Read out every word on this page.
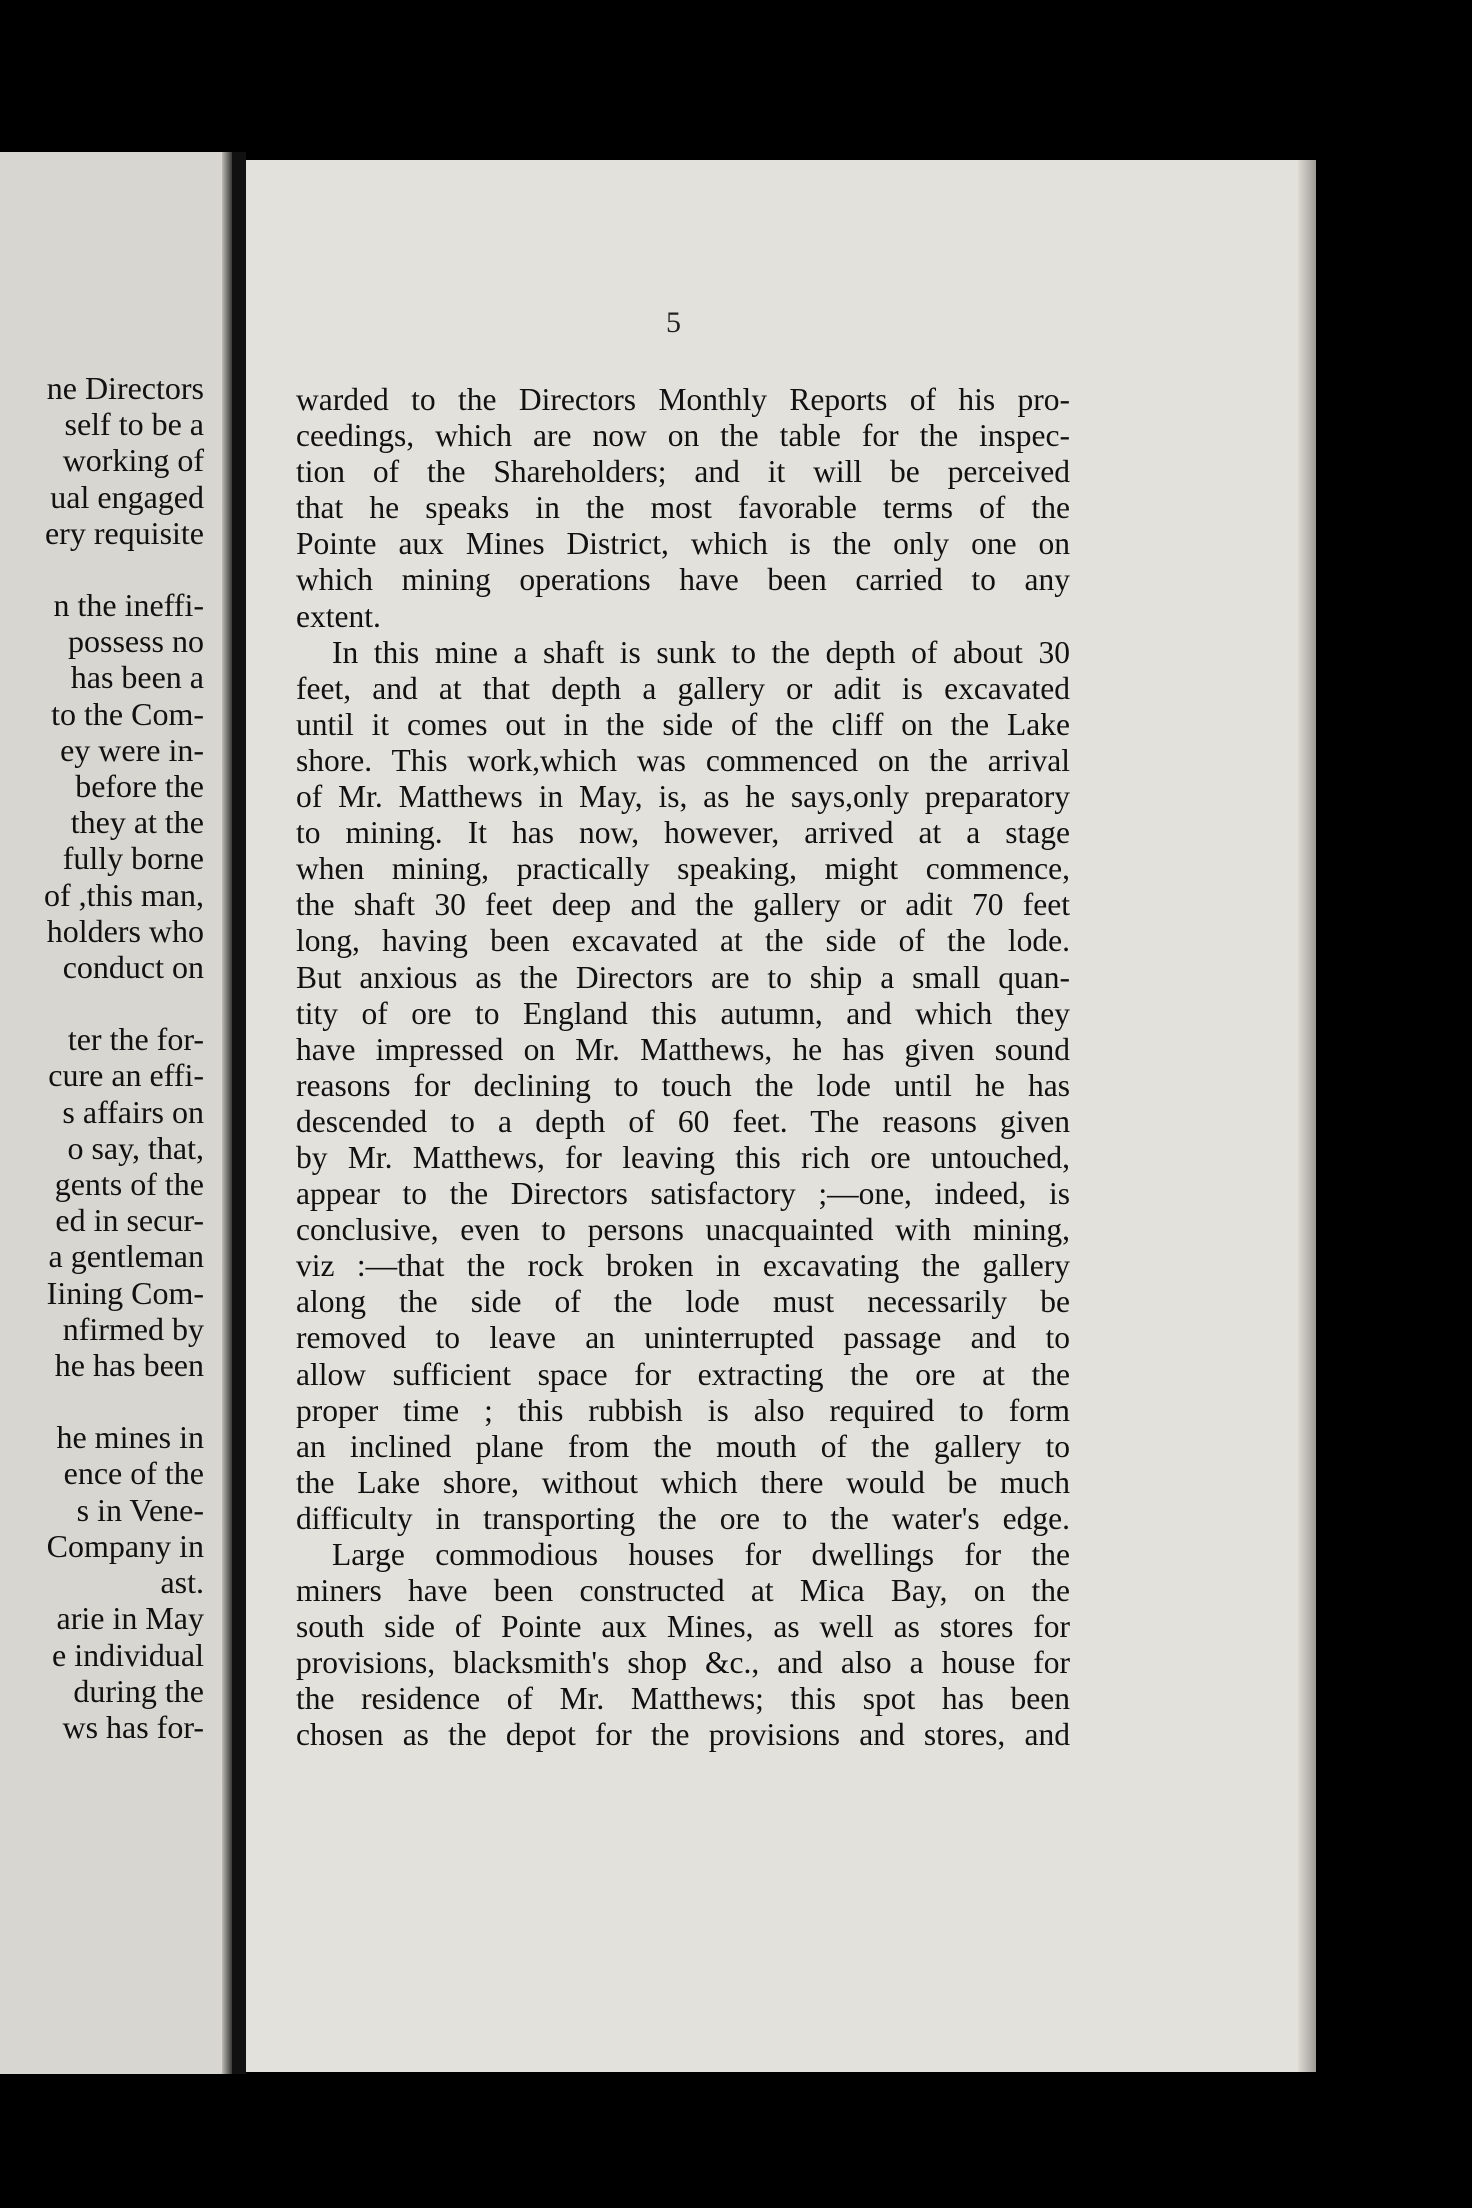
ne Directors
self to be a
working of
ual engaged
ery requisite
n the ineffi-
possess no
has been a
to the Com-
ey were in-
before the
they at the
fully borne
of ,this man,
holders who
conduct on
ter the for-
cure an effi-
s affairs on
o say, that,
gents of the
ed in secur-
a gentleman
Iining Com-
nfirmed by
he has been
he mines in
ence of the
s in Vene-
Company in
ast.
arie in May
e individual
during the
ws has for-
5
warded to the Directors Monthly Reports of his pro-
ceedings, which are now on the table for the inspec-
tion of the Shareholders; and it will be perceived
that he speaks in the most favorable terms of the
Pointe aux Mines District, which is the only one on
which mining operations have been carried to any
extent.
In this mine a shaft is sunk to the depth of about 30
feet, and at that depth a gallery or adit is excavated
until it comes out in the side of the cliff on the Lake
shore. This work,which was commenced on the arrival
of Mr. Matthews in May, is, as he says,only preparatory
to mining. It has now, however, arrived at a stage
when mining, practically speaking, might commence,
the shaft 30 feet deep and the gallery or adit 70 feet
long, having been excavated at the side of the lode.
But anxious as the Directors are to ship a small quan-
tity of ore to England this autumn, and which they
have impressed on Mr. Matthews, he has given sound
reasons for declining to touch the lode until he has
descended to a depth of 60 feet. The reasons given
by Mr. Matthews, for leaving this rich ore untouched,
appear to the Directors satisfactory ;—one, indeed, is
conclusive, even to persons unacquainted with mining,
viz :—that the rock broken in excavating the gallery
along the side of the lode must necessarily be
removed to leave an uninterrupted passage and to
allow sufficient space for extracting the ore at the
proper time ; this rubbish is also required to form
an inclined plane from the mouth of the gallery to
the Lake shore, without which there would be much
difficulty in transporting the ore to the water's edge.
Large commodious houses for dwellings for the
miners have been constructed at Mica Bay, on the
south side of Pointe aux Mines, as well as stores for
provisions, blacksmith's shop &c., and also a house for
the residence of Mr. Matthews; this spot has been
chosen as the depot for the provisions and stores, and
